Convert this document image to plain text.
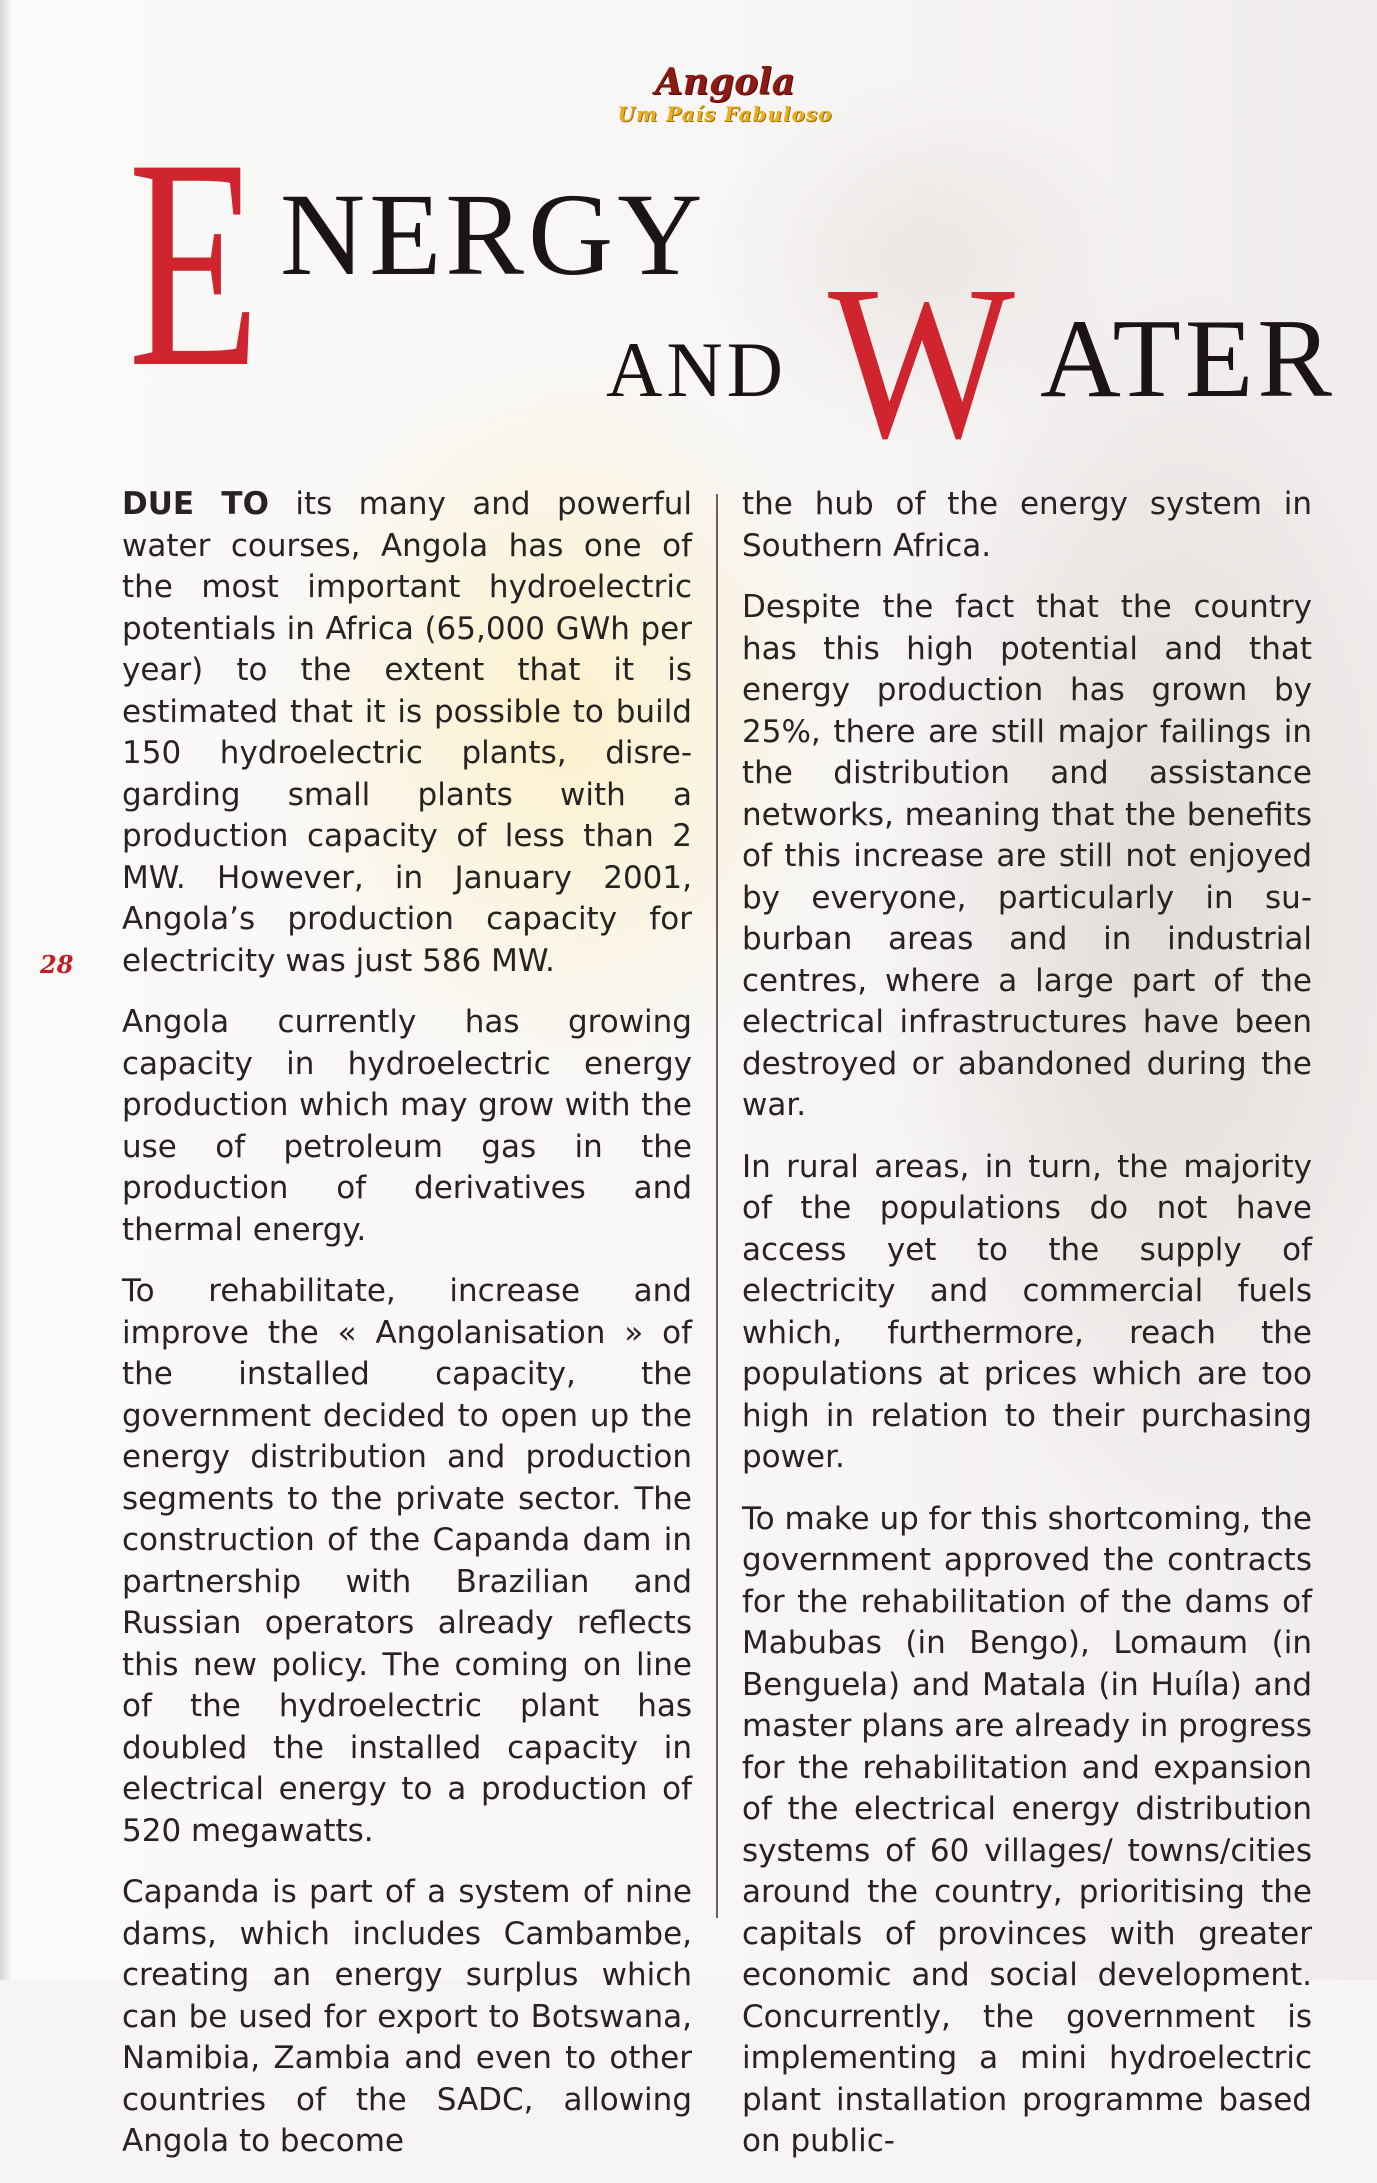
Angola
Um País Fabuloso
E NERGY
AND W ATER
28

DUE TO its many and powerful water courses, Angola has one of the most important hydroelectric potentials in Africa (65,000 GWh per year) to the extent that it is estimated that it is possible to build 150 hydroelectric plants, disregarding small plants with a production capacity of less than 2 MW. However, in January 2001, Angola’s production capacity for electricity was just 586 MW.

Angola currently has growing capacity in hydroelectric energy production which may grow with the use of petroleum gas in the production of derivatives and thermal energy.

To rehabilitate, increase and improve the « Angolanisation » of the installed capacity, the government decided to open up the energy distribution and production segments to the private sector. The construction of the Capanda dam in partnership with Brazilian and Russian operators already reflects this new policy. The coming on line of the hydroelectric plant has doubled the installed capacity in electrical energy to a production of 520 megawatts.

Capanda is part of a system of nine dams, which includes Cambambe, creating an energy surplus which can be used for export to Botswana, Namibia, Zambia and even to other countries of the SADC, allowing Angola to become

the hub of the energy system in Southern Africa.

Despite the fact that the country has this high potential and that energy production has grown by 25%, there are still major failings in the distribution and assistance networks, meaning that the benefits of this increase are still not enjoyed by everyone, particularly in suburban areas and in industrial centres, where a large part of the electrical infrastructures have been destroyed or abandoned during the war.

In rural areas, in turn, the majority of the populations do not have access yet to the supply of electricity and commercial fuels which, furthermore, reach the populations at prices which are too high in relation to their purchasing power.

To make up for this shortcoming, the government approved the contracts for the rehabilitation of the dams of Mabubas (in Bengo), Lomaum (in Benguela) and Matala (in Huíla) and master plans are already in progress for the rehabilitation and expansion of the electrical energy distribution systems of 60 villages/ towns/cities around the country, prioritising the capitals of provinces with greater economic and social development. Concurrently, the government is implementing a mini hydroelectric plant installation programme based on public-
